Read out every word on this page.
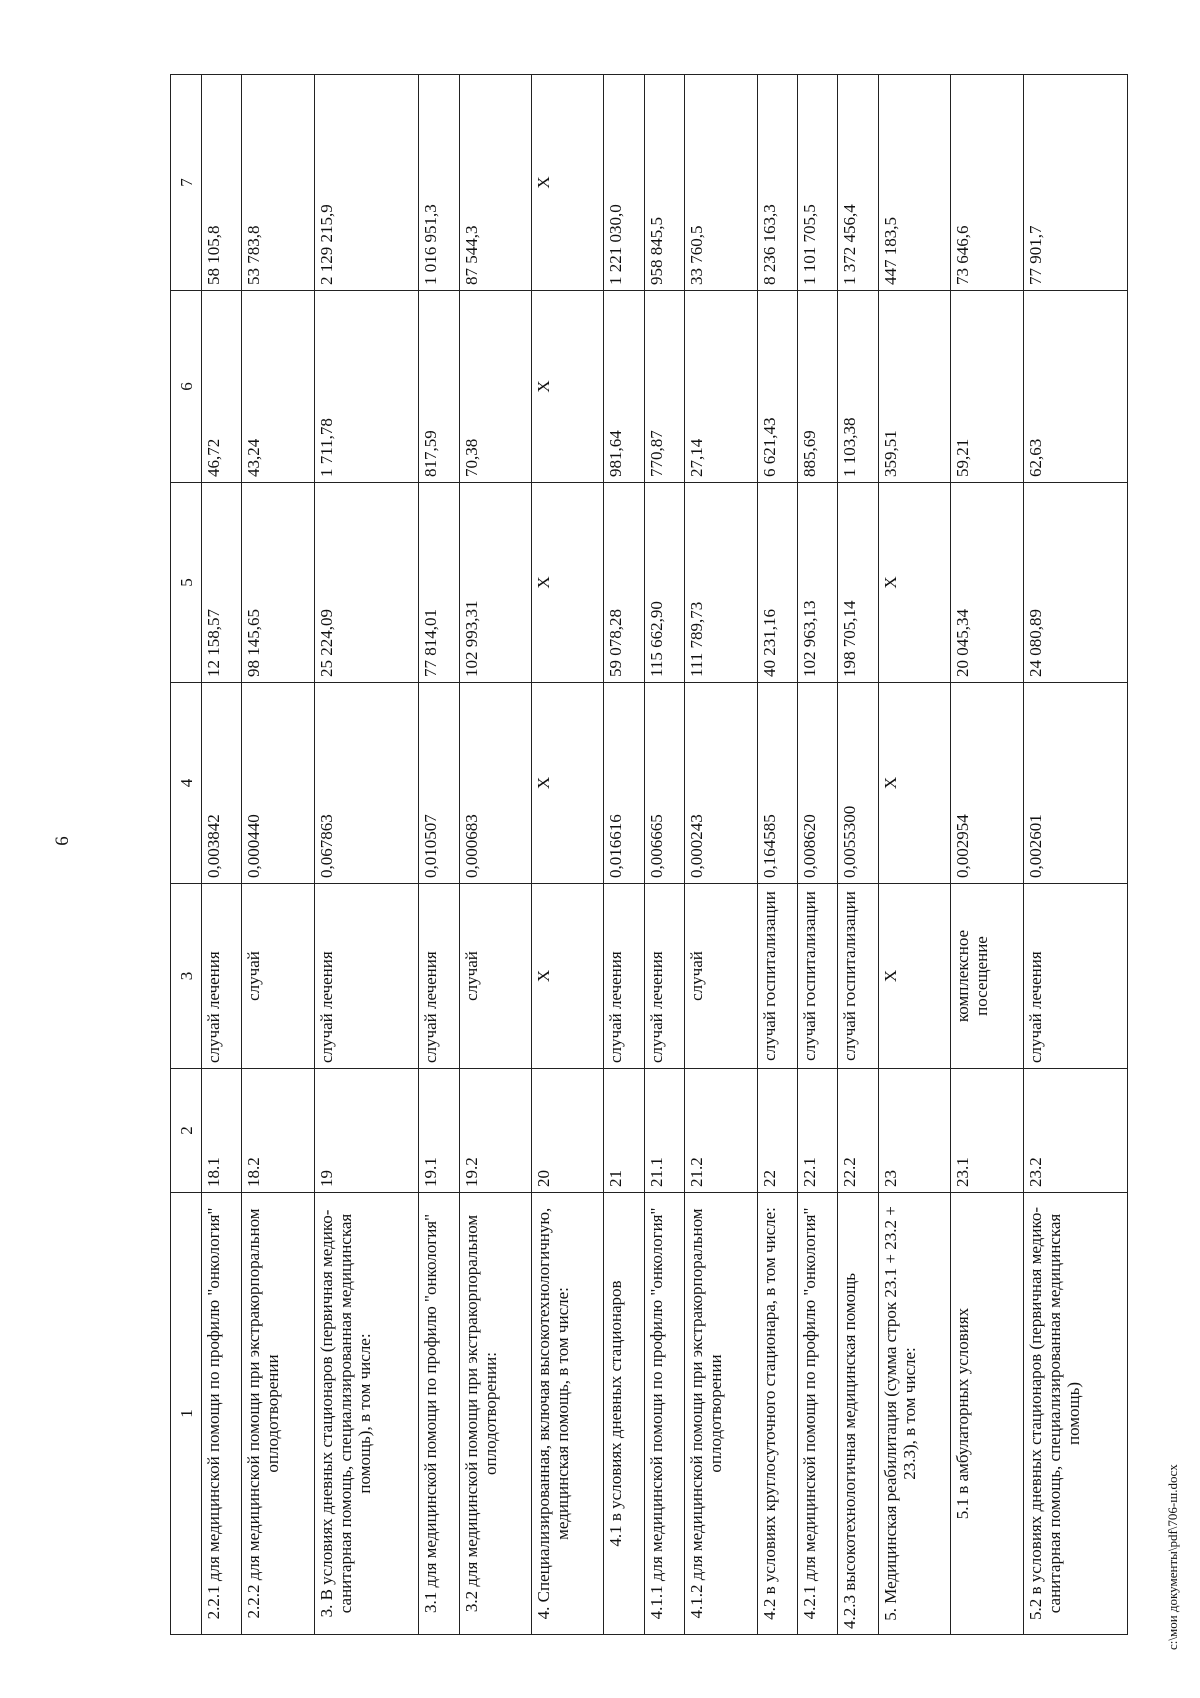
6
1	2	3	4	5	6	7
2.2.1 для медицинской помощи по профилю "онкология"	18.1	случай лечения	0,003842	12 158,57	46,72	58 105,8
2.2.2 для медицинской помощи при экстракорпоральном оплодотворении	18.2	случай	0,000440	98 145,65	43,24	53 783,8
3. В условиях дневных стационаров (первичная медико-санитарная помощь, специализированная медицинская помощь), в том числе:	19	случай лечения	0,067863	25 224,09	1 711,78	2 129 215,9
3.1 для медицинской помощи по профилю "онкология"	19.1	случай лечения	0,010507	77 814,01	817,59	1 016 951,3
3.2 для медицинской помощи при экстракорпоральном оплодотворении:	19.2	случай	0,000683	102 993,31	70,38	87 544,3
4. Специализированная, включая высокотехнологичную, медицинская помощь, в том числе:	20	Х	Х	Х	Х	Х
4.1 в условиях дневных стационаров	21	случай лечения	0,016616	59 078,28	981,64	1 221 030,0
4.1.1 для медицинской помощи по профилю "онкология"	21.1	случай лечения	0,006665	115 662,90	770,87	958 845,5
4.1.2 для медицинской помощи при экстракорпоральном оплодотворении	21.2	случай	0,000243	111 789,73	27,14	33 760,5
4.2 в условиях круглосуточного стационара, в том числе:	22	случай госпитализации	0,164585	40 231,16	6 621,43	8 236 163,3
4.2.1 для медицинской помощи по профилю "онкология"	22.1	случай госпитализации	0,008620	102 963,13	885,69	1 101 705,5
4.2.3 высокотехнологичная медицинская помощь	22.2	случай госпитализации	0,0055300	198 705,14	1 103,38	1 372 456,4
5. Медицинская реабилитация (сумма строк 23.1 + 23.2 + 23.3), в том числе:	23	Х	Х	Х	359,51	447 183,5
5.1 в амбулаторных условиях	23.1	комплексное посещение	0,002954	20 045,34	59,21	73 646,6
5.2 в условиях дневных стационаров (первичная медико-санитарная помощь, специализированная медицинская помощь)	23.2	случай лечения	0,002601	24 080,89	62,63	77 901,7
c:\мои документы\pdf\706-ш.docx
